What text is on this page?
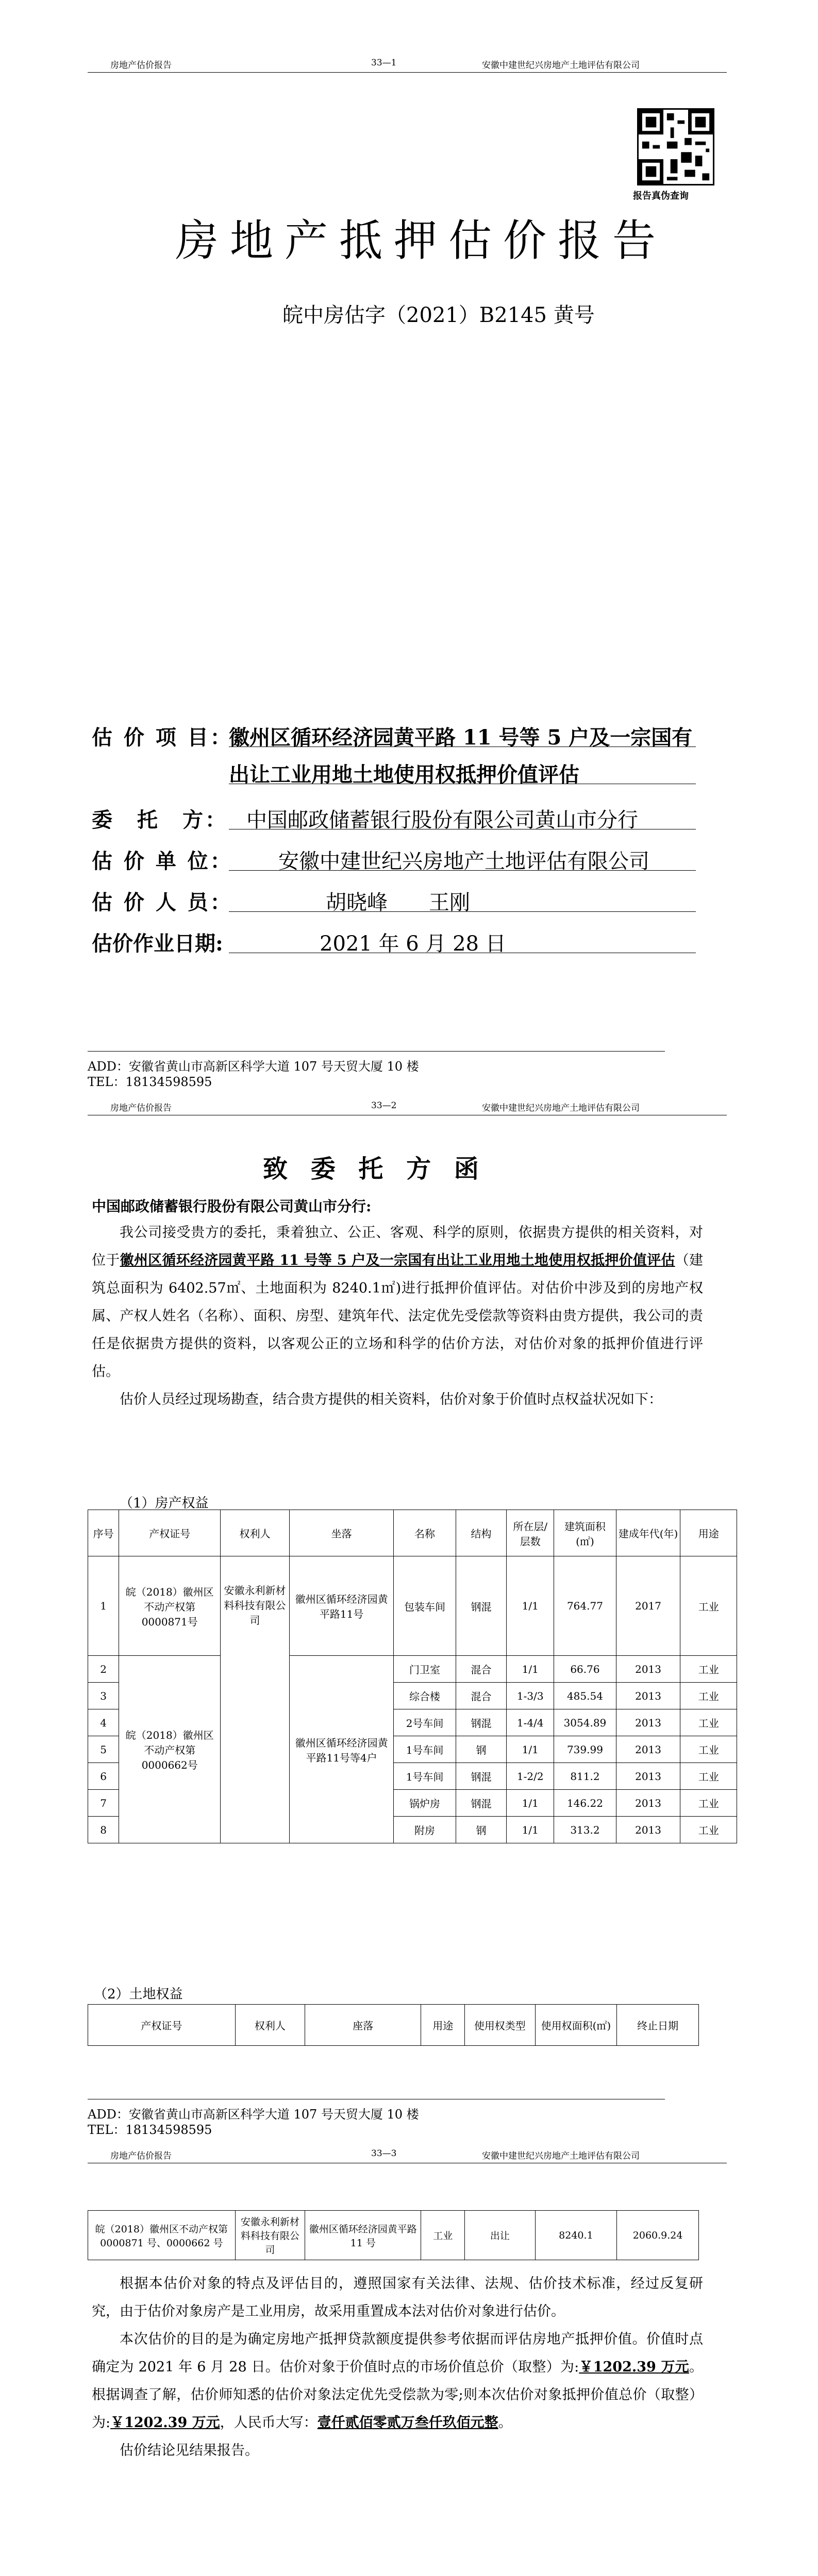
房地产估价报告	33—1	安徽中建世纪兴房地产土地评估有限公司
报告真伪查询
房地产抵押估价报告
皖中房估字（2021）B2145 黄号
估 价 项 目：
徽州区循环经济园黄平路 11 号等 5 户及一宗国有
出让工业用地土地使用权抵押价值评估
委　托　方： 中国邮政储蓄银行股份有限公司黄山市分行
估 价 单 位： 安徽中建世纪兴房地产土地评估有限公司
估 价 人 员：	胡晓峰　　王刚
估价作业日期:	2021 年 6 月 28 日
ADD：安徽省黄山市高新区科学大道 107 号天贸大厦 10 楼
TEL：18134598595
房地产估价报告	33—2	安徽中建世纪兴房地产土地评估有限公司
致 委 托 方 函
中国邮政储蓄银行股份有限公司黄山市分行:

我公司接受贵方的委托，秉着独立、公正、客观、科学的原则，依据贵方提供的相关资料，对位于徽州区循环经济园黄平路 11 号等 5 户及一宗国有出让工业用地土地使用权抵押价值评估（建筑总面积为 6402.57㎡、土地面积为 8240.1㎡)进行抵押价值评估。对估价中涉及到的房地产权属、产权人姓名（名称）、面积、房型、建筑年代、法定优先受偿款等资料由贵方提供，我公司的责任是依据贵方提供的资料，以客观公正的立场和科学的估价方法，对估价对象的抵押价值进行评估。

估价人员经过现场勘查，结合贵方提供的相关资料，估价对象于价值时点权益状况如下：

（1）房产权益
序号	产权证号	权利人	坐落	名称	结构	所在层/层数	建筑面积(㎡)	建成年代(年)	用途
1	皖（2018）徽州区不动产权第0000871号	安徽永利新材料科技有限公司	徽州区循环经济园黄平路11号	包装车间	钢混	1/1	764.77	2017	工业
2	皖（2018）徽州区不动产权第0000662号		徽州区循环经济园黄平路11号等4户	门卫室	混合	1/1	66.76	2013	工业
3				综合楼	混合	1-3/3	485.54	2013	工业
4				2号车间	钢混	1-4/4	3054.89	2013	工业
5				1号车间	钢	1/1	739.99	2013	工业
6				1号车间	钢混	1-2/2	811.2	2013	工业
7				锅炉房	钢混	1/1	146.22	2013	工业
8				附房	钢	1/1	313.2	2013	工业
（2）土地权益
产权证号	权利人	座落	用途	使用权类型	使用权面积(㎡)	终止日期
ADD：安徽省黄山市高新区科学大道 107 号天贸大厦 10 楼
TEL：18134598595
房地产估价报告	33—3	安徽中建世纪兴房地产土地评估有限公司
皖（2018）徽州区不动产权第 0000871 号、0000662 号	安徽永利新材料科技有限公司	徽州区循环经济园黄平路 11 号	工业	出让	8240.1	2060.9.24

根据本估价对象的特点及评估目的，遵照国家有关法律、法规、估价技术标准，经过反复研究，由于估价对象房产是工业用房，故采用重置成本法对估价对象进行估价。

本次估价的目的是为确定房地产抵押贷款额度提供参考依据而评估房地产抵押价值。价值时点确定为 2021 年 6 月 28 日。估价对象于价值时点的市场价值总价（取整）为:￥1202.39 万元。根据调查了解，估价师知悉的估价对象法定优先受偿款为零;则本次估价对象抵押价值总价（取整）为:￥1202.39 万元，人民币大写：壹仟贰佰零贰万叁仟玖佰元整。

估价结论见结果报告。
